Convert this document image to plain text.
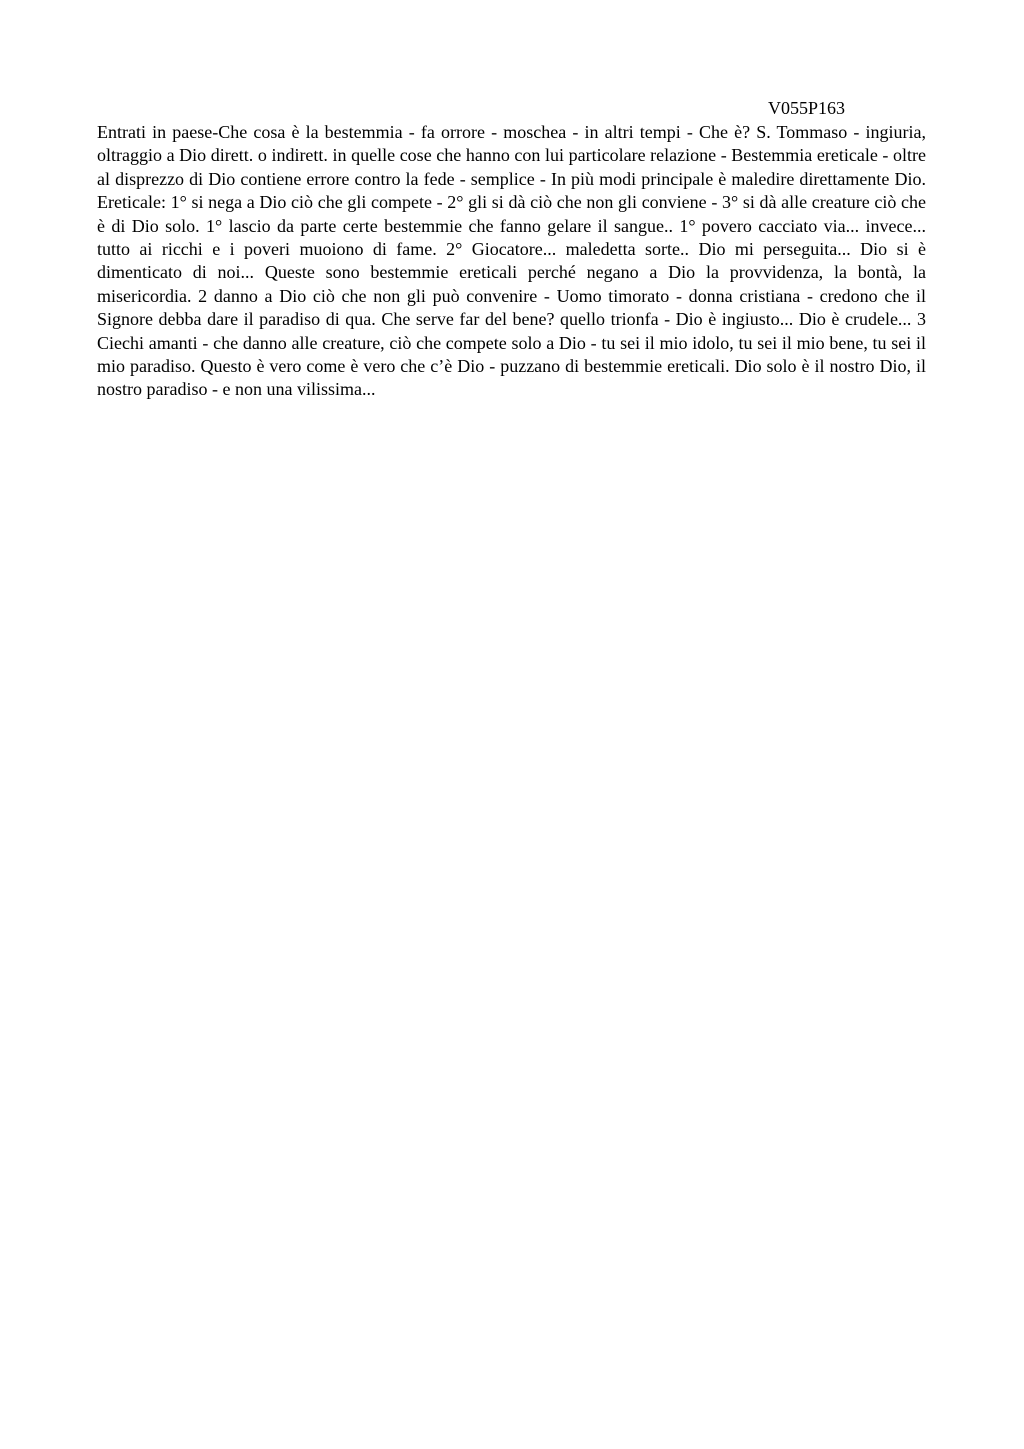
V055P163

Entrati in paese-Che cosa è la bestemmia - fa orrore - moschea - in altri tempi - Che è? S. Tommaso - ingiuria, oltraggio a Dio dirett. o indirett. in quelle cose che hanno con lui particolare relazione - Bestemmia ereticale - oltre al disprezzo di Dio contiene errore contro la fede - semplice - In più modi principale è maledire direttamente Dio. Ereticale: 1° si nega a Dio ciò che gli compete - 2° gli si dà ciò che non gli conviene - 3° si dà alle creature ciò che è di Dio solo. 1° lascio da parte certe bestemmie che fanno gelare il sangue.. 1° povero cacciato via... invece... tutto ai ricchi e i poveri muoiono di fame. 2° Giocatore... maledetta sorte.. Dio mi perseguita... Dio si è dimenticato di noi... Queste sono bestemmie ereticali perché negano a Dio la provvidenza, la bontà, la misericordia. 2 danno a Dio ciò che non gli può convenire - Uomo timorato - donna cristiana - credono che il Signore debba dare il paradiso di qua. Che serve far del bene? quello trionfa - Dio è ingiusto... Dio è crudele... 3 Ciechi amanti - che danno alle creature, ciò che compete solo a Dio - tu sei il mio idolo, tu sei il mio bene, tu sei il mio paradiso. Questo è vero come è vero che c’è Dio - puzzano di bestemmie ereticali. Dio solo è il nostro Dio, il nostro paradiso - e non una vilissima...
